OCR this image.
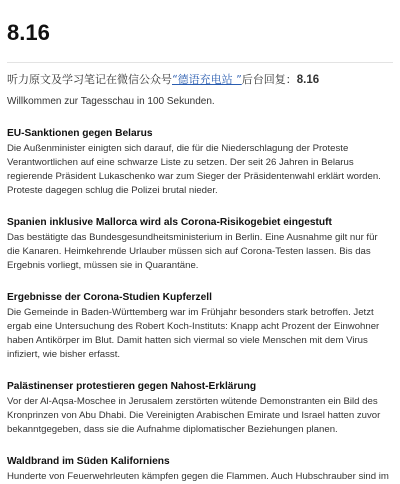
8.16

听力原文及学习笔记在微信公众号“德语充电站 ”后台回复：8.16

Willkommen zur Tagesschau in 100 Sekunden.

EU-Sanktionen gegen Belarus

Die Außenminister einigten sich darauf, die für die Niederschlagung der Proteste Verantwortlichen auf eine schwarze Liste zu setzen. Der seit 26 Jahren in Belarus regierende Präsident Lukaschenko war zum Sieger der Präsidentenwahl erklärt worden. Proteste dagegen schlug die Polizei brutal nieder.

Spanien inklusive Mallorca wird als Corona-Risikogebiet eingestuft

Das bestätigte das Bundesgesundheitsministerium in Berlin. Eine Ausnahme gilt nur für die Kanaren. Heimkehrende Urlauber müssen sich auf Corona-Testen lassen. Bis das Ergebnis vorliegt, müssen sie in Quarantäne.

Ergebnisse der Corona-Studien Kupferzell

Die Gemeinde in Baden-Württemberg war im Frühjahr besonders stark betroffen. Jetzt ergab eine Untersuchung des Robert Koch-Instituts: Knapp acht Prozent der Einwohner haben Antikörper im Blut. Damit hatten sich viermal so viele Menschen mit dem Virus infiziert, wie bisher erfasst.

Palästinenser protestieren gegen Nahost-Erklärung

Vor der Al-Aqsa-Moschee in Jerusalem zerstörten wütende Demonstranten ein Bild des Kronprinzen von Abu Dhabi. Die Vereinigten Arabischen Emirate und Israel hatten zuvor bekanntgegeben, dass sie die Aufnahme diplomatischer Beziehungen planen.

Waldbrand im Süden Kaliforniens

Hunderte von Feuerwehrleuten kämpfen gegen die Flammen. Auch Hubschrauber sind im
